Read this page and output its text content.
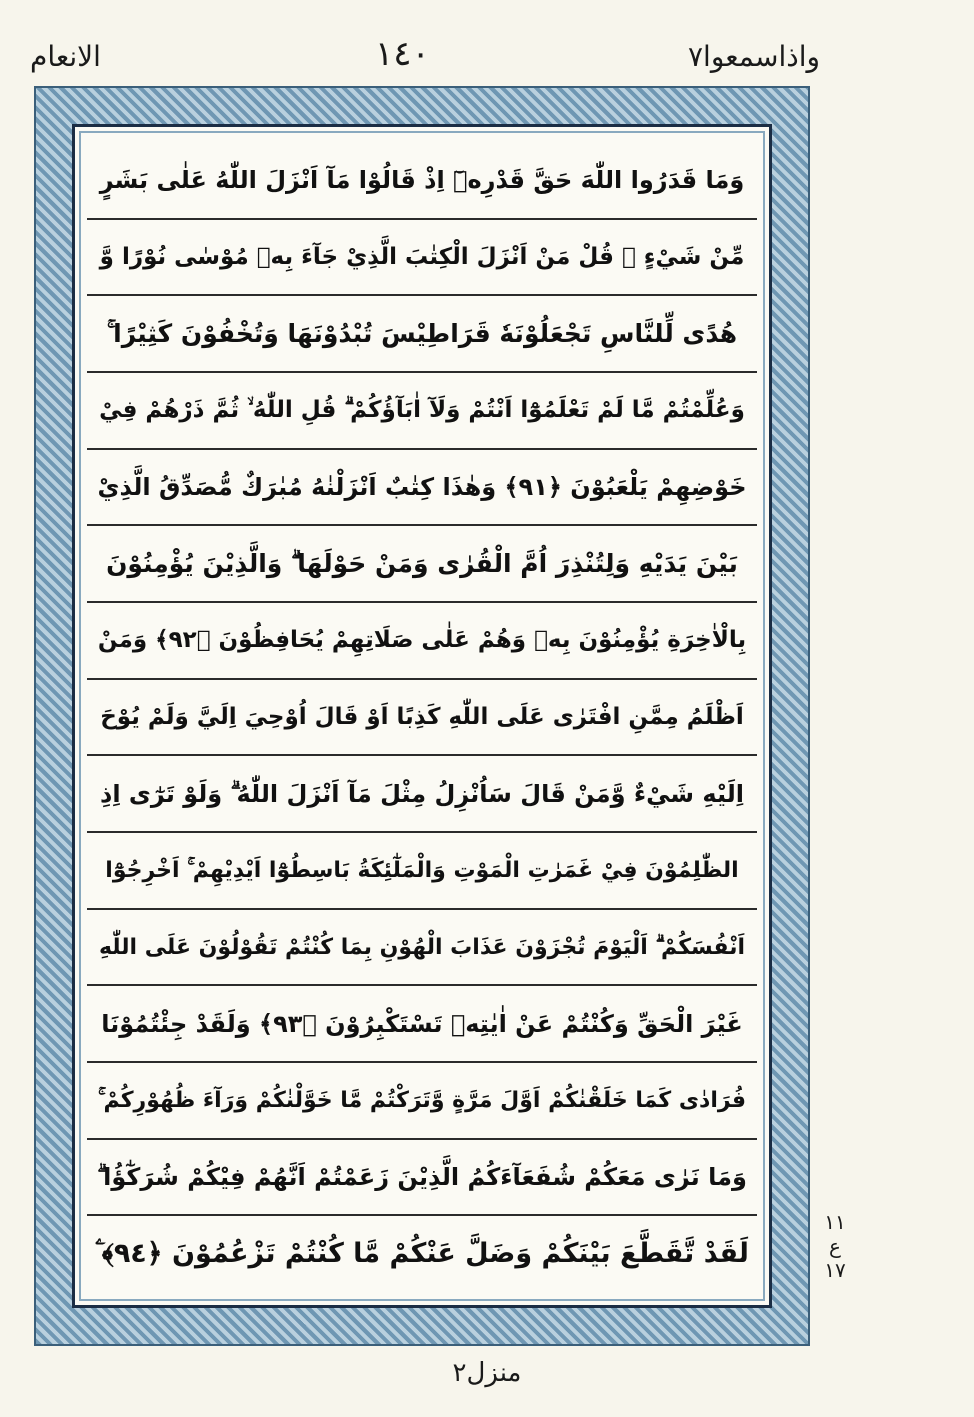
الانعام	١٤٠	واذاسمعوا۷
وَمَا قَدَرُوا اللّٰهَ حَقَّ قَدْرِهٖٓ اِذْ قَالُوْا مَآ اَنْزَلَ اللّٰهُ عَلٰى بَشَرٍ
مِّنْ شَيْءٍ ۗ قُلْ مَنْ اَنْزَلَ الْكِتٰبَ الَّذِيْ جَآءَ بِهٖ مُوْسٰى نُوْرًا وَّ
هُدًى لِّلنَّاسِ تَجْعَلُوْنَهٗ قَرَاطِيْسَ تُبْدُوْنَهَا وَتُخْفُوْنَ كَثِيْرًا ۚ
وَعُلِّمْتُمْ مَّا لَمْ تَعْلَمُوْٓا اَنْتُمْ وَلَآ اٰبَآؤُكُمْ ۗ قُلِ اللّٰهُ ۙ ثُمَّ ذَرْهُمْ فِيْ
خَوْضِهِمْ يَلْعَبُوْنَ ﴿٩١﴾ وَهٰذَا كِتٰبٌ اَنْزَلْنٰهُ مُبٰرَكٌ مُّصَدِّقُ الَّذِيْ
بَيْنَ يَدَيْهِ وَلِتُنْذِرَ اُمَّ الْقُرٰى وَمَنْ حَوْلَهَا ۗ وَالَّذِيْنَ يُؤْمِنُوْنَ
بِالْاٰخِرَةِ يُؤْمِنُوْنَ بِهٖ وَهُمْ عَلٰى صَلَاتِهِمْ يُحَافِظُوْنَ ﴿٩٢﴾ وَمَنْ
اَظْلَمُ مِمَّنِ افْتَرٰى عَلَى اللّٰهِ كَذِبًا اَوْ قَالَ اُوْحِيَ اِلَيَّ وَلَمْ يُوْحَ
اِلَيْهِ شَيْءٌ وَّمَنْ قَالَ سَاُنْزِلُ مِثْلَ مَآ اَنْزَلَ اللّٰهُ ۗ وَلَوْ تَرٰٓى اِذِ
الظّٰلِمُوْنَ فِيْ غَمَرٰتِ الْمَوْتِ وَالْمَلٰٓئِكَةُ بَاسِطُوْٓا اَيْدِيْهِمْ ۚ اَخْرِجُوْٓا
اَنْفُسَكُمْ ۗ اَلْيَوْمَ تُجْزَوْنَ عَذَابَ الْهُوْنِ بِمَا كُنْتُمْ تَقُوْلُوْنَ عَلَى اللّٰهِ
غَيْرَ الْحَقِّ وَكُنْتُمْ عَنْ اٰيٰتِهٖ تَسْتَكْبِرُوْنَ ﴿٩٣﴾ وَلَقَدْ جِئْتُمُوْنَا
فُرَادٰى كَمَا خَلَقْنٰكُمْ اَوَّلَ مَرَّةٍ وَّتَرَكْتُمْ مَّا خَوَّلْنٰكُمْ وَرَآءَ ظُهُوْرِكُمْ ۚ
وَمَا نَرٰى مَعَكُمْ شُفَعَآءَكُمُ الَّذِيْنَ زَعَمْتُمْ اَنَّهُمْ فِيْكُمْ شُرَكٰٓؤُا ۗ
لَقَدْ تَّقَطَّعَ بَيْنَكُمْ وَضَلَّ عَنْكُمْ مَّا كُنْتُمْ تَزْعُمُوْنَ ﴿٩٤﴾ ۧ
١١
ع
١٧
منزل٢
